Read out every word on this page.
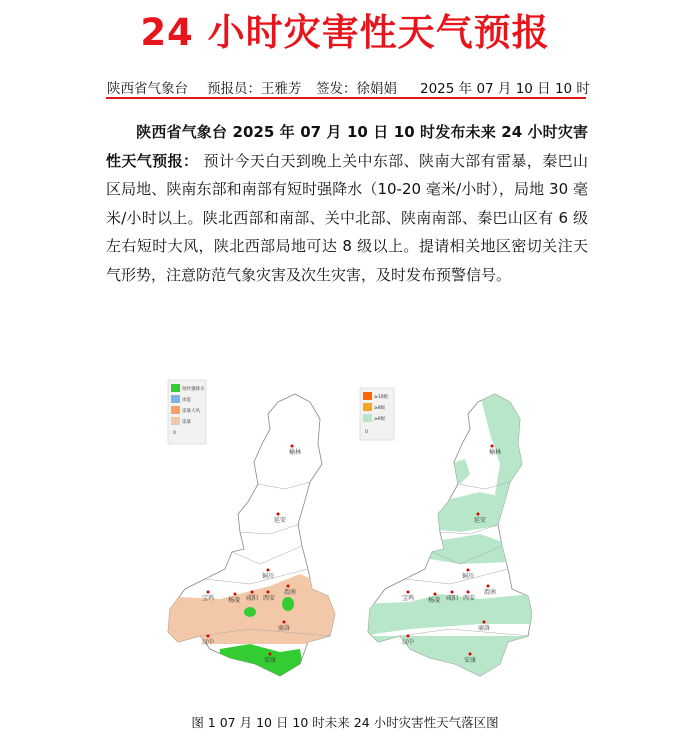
24 小时灾害性天气预报
陕西省气象台 预报员：王雅芳 签发：徐娟娟 2025 年 07 月 10 日 10 时
陕西省气象台 2025 年 07 月 10 日 10 时发布未来 24 小时灾害性天气预报： 预计今天白天到晚上关中东部、陕南大部有雷暴，秦巴山区局地、陕南东部和南部有短时强降水（10-20 毫米/小时），局地 30 毫米/小时以上。陕北西部和南部、关中北部、陕南南部、秦巴山区有 6 级左右短时大风，陕北西部局地可达 8 级以上。提请相关地区密切关注天气形势，注意防范气象灾害及次生灾害，及时发布预警信号。
榆林
延安
铜川
渭南
宝鸡 杨凌 咸阳 西安
汉中
商洛
安康
短时强降水
冰雹
雷暴大风
雷暴
0
榆林
延安
铜川
宝鸡 杨凌 咸阳 西安
渭南
商洛
汉中
安康
≥10级
≥8级
≥6级
0
图 1 07 月 10 日 10 时未来 24 小时灾害性天气落区图
